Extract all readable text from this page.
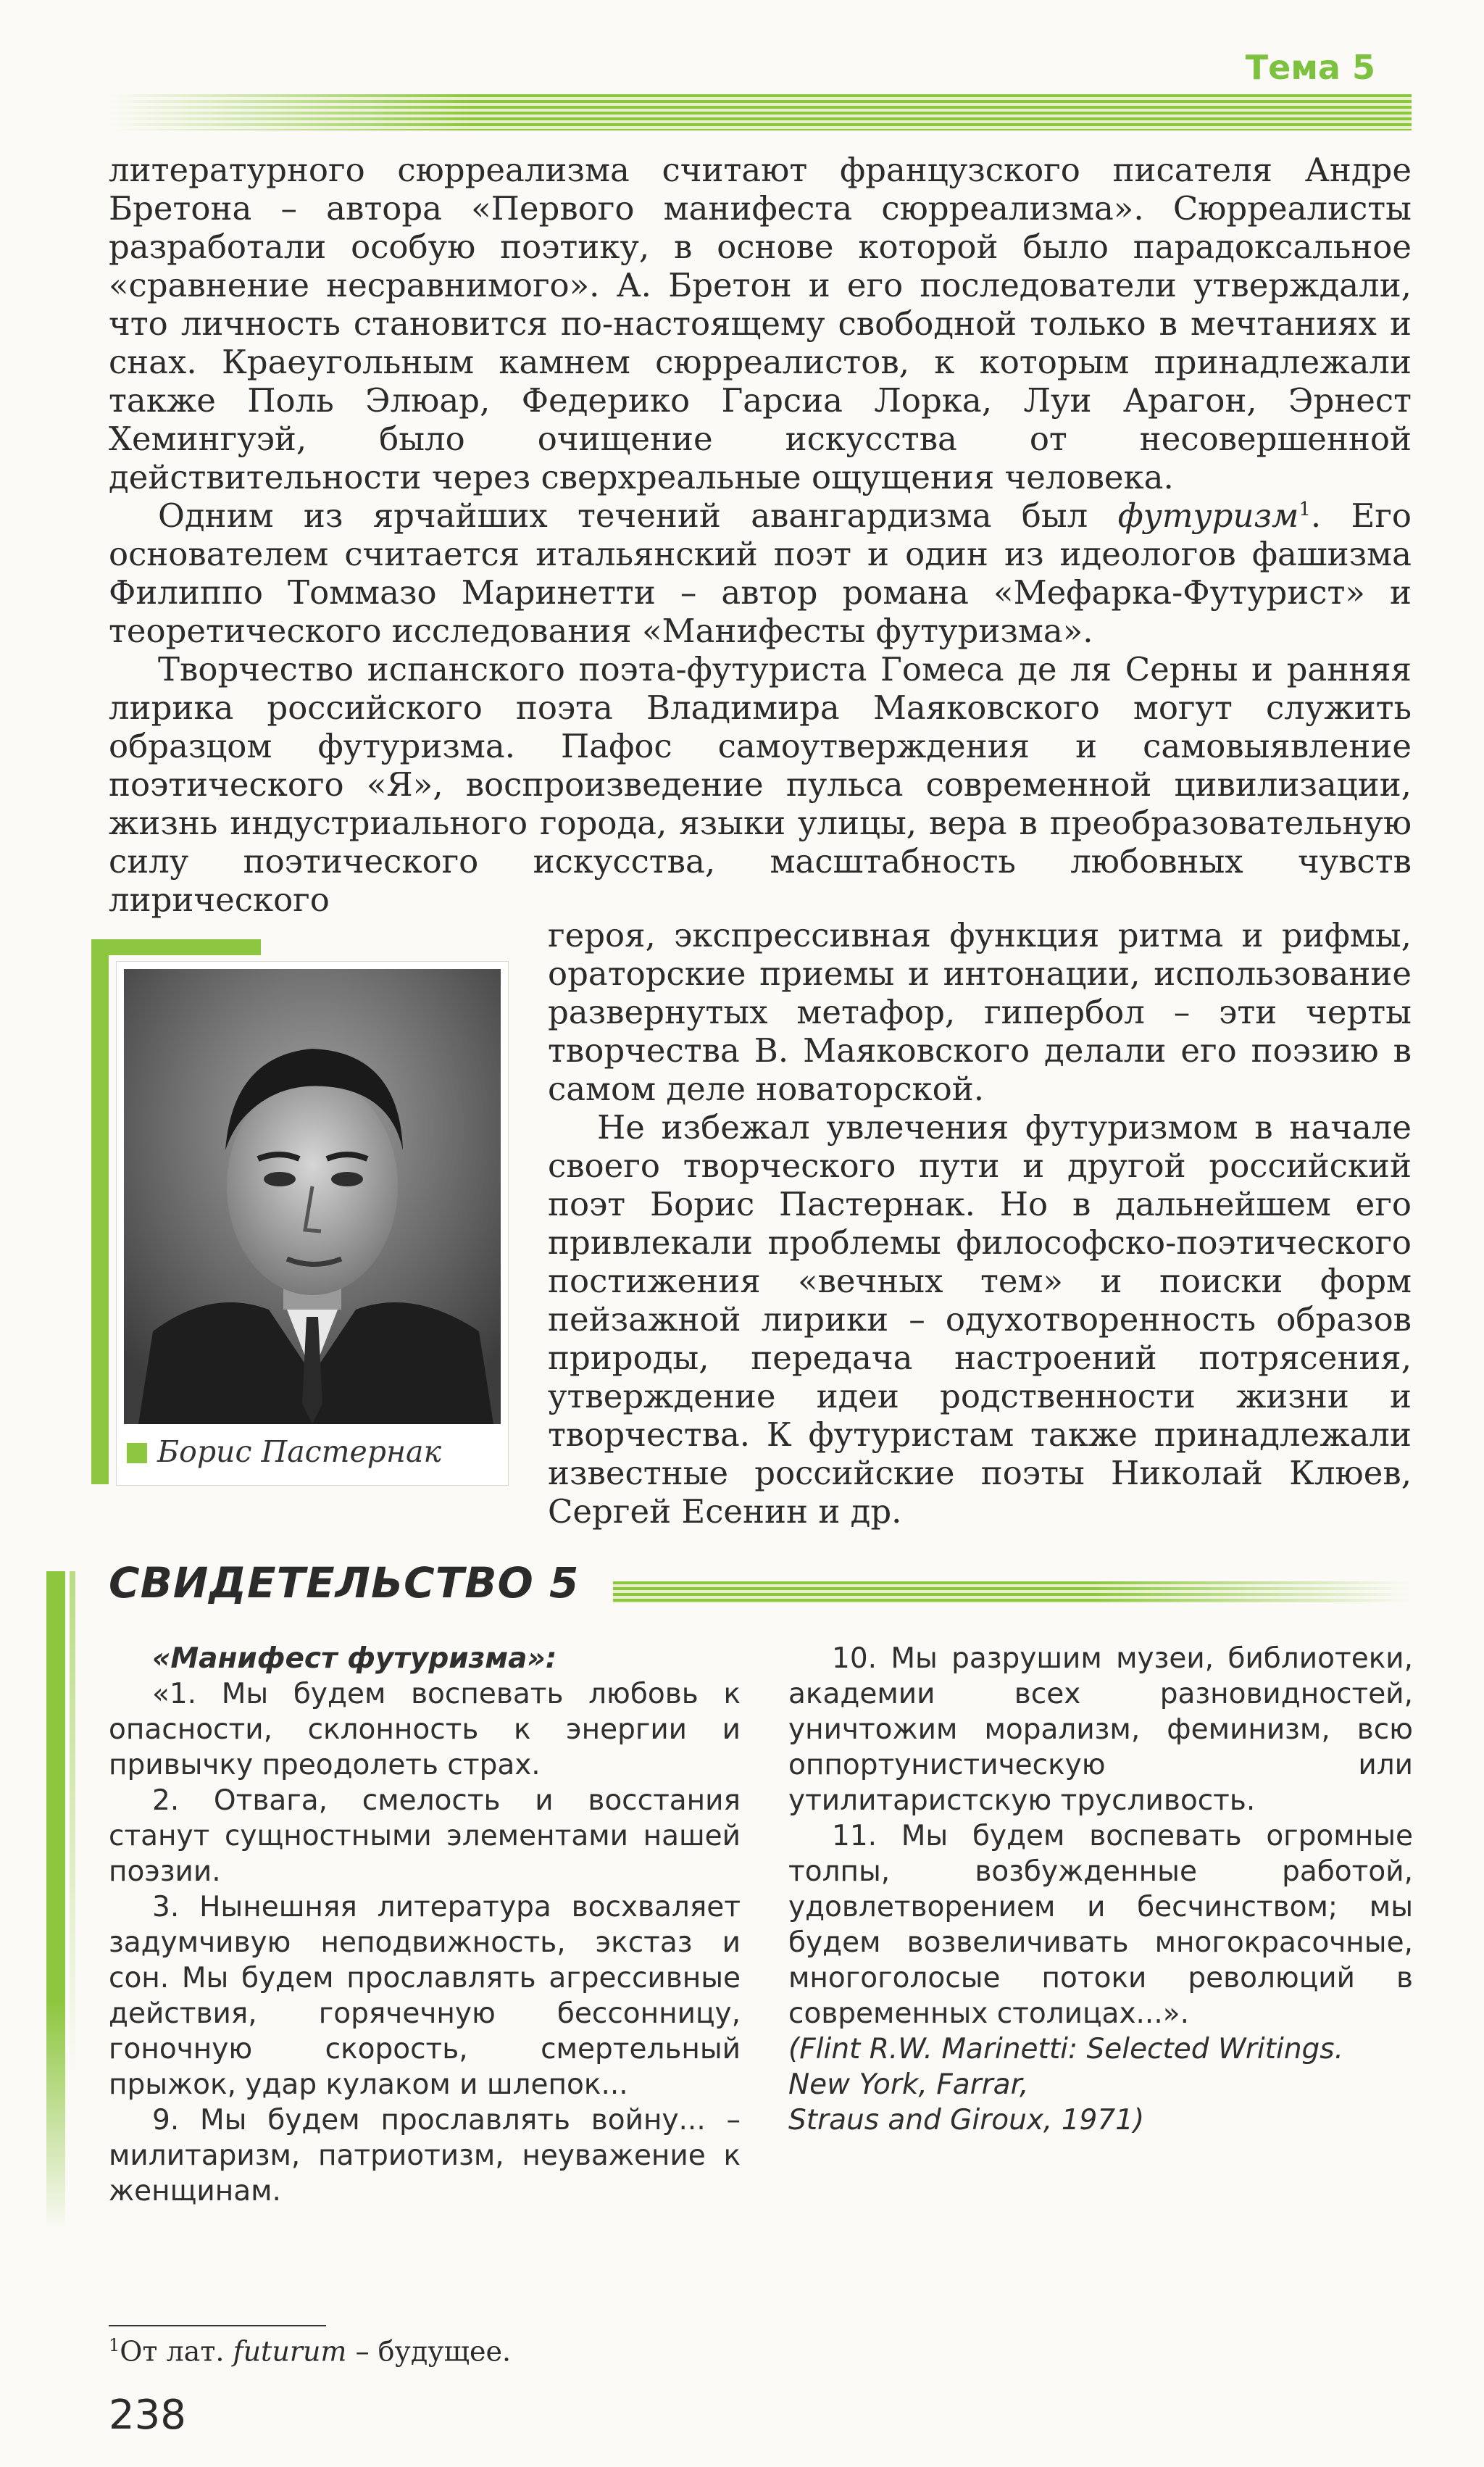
Тема 5

литературного сюрреализма считают французского писателя Андре Бретона – автора «Первого манифеста сюрреализма». Сюрреалисты разработали особую поэтику, в основе которой было парадоксальное «сравнение несравнимого». А. Бретон и его последователи утверждали, что личность становится по-настоящему свободной только в мечтаниях и снах. Краеугольным камнем сюрреалистов, к которым принадлежали также Поль Элюар, Федерико Гарсиа Лорка, Луи Арагон, Эрнест Хемингуэй, было очищение искусства от несовершенной действительности через сверхреальные ощущения человека.

Одним из ярчайших течений авангардизма был футуризм$^1$. Его основателем считается итальянский поэт и один из идеологов фашизма Филиппо Томмазо Маринетти – автор романа «Мефарка-Футурист» и теоретического исследования «Манифесты футуризма».

Творчество испанского поэта-футуриста Гомеса де ля Серны и ранняя лирика российского поэта Владимира Маяковского могут служить образцом футуризма. Пафос самоутверждения и самовыявление поэтического «Я», воспроизведение пульса современной цивилизации, жизнь индустриального города, языки улицы, вера в преобразовательную силу поэтического искусства, масштабность любовных чувств лирического

Борис Пастернак

героя, экспрессивная функция ритма и рифмы, ораторские приемы и интонации, использование развернутых метафор, гипербол – эти черты творчества В. Маяковского делали его поэзию в самом деле новаторской.

Не избежал увлечения футуризмом в начале своего творческого пути и другой российский поэт Борис Пастернак. Но в дальнейшем его привлекали проблемы философско-поэтического постижения «вечных тем» и поиски форм пейзажной лирики – одухотворенность образов природы, передача настроений потрясения, утверждение идеи родственности жизни и творчества. К футуристам также принадлежали известные российские поэты Николай Клюев, Сергей Есенин и др.

СВИДЕТЕЛЬСТВО 5

«Манифест футуризма»:

«1. Мы будем воспевать любовь к опасности, склонность к энергии и привычку преодолеть страх.

2. Отвага, смелость и восстания станут сущностными элементами нашей поэзии.

3. Нынешняя литература восхваляет задумчивую неподвижность, экстаз и сон. Мы будем прославлять агрессивные действия, горячечную бессонницу, гоночную скорость, смертельный прыжок, удар кулаком и шлепок...

9. Мы будем прославлять войну... – милитаризм, патриотизм, неуважение к женщинам.

10. Мы разрушим музеи, библиотеки, академии всех разновидностей, уничтожим морализм, феминизм, всю оппортунистическую или утилитаристскую трусливость.

11. Мы будем воспевать огромные толпы, возбужденные работой, удовлетворением и бесчинством; мы будем возвеличивать многокрасочные, многоголосые потоки революций в современных столицах...».

(Flint R.W. Marinetti: Selected Writings.
New York, Farrar,
Straus and Giroux, 1971)

$^1$От лат. futurum – будущее.
238
